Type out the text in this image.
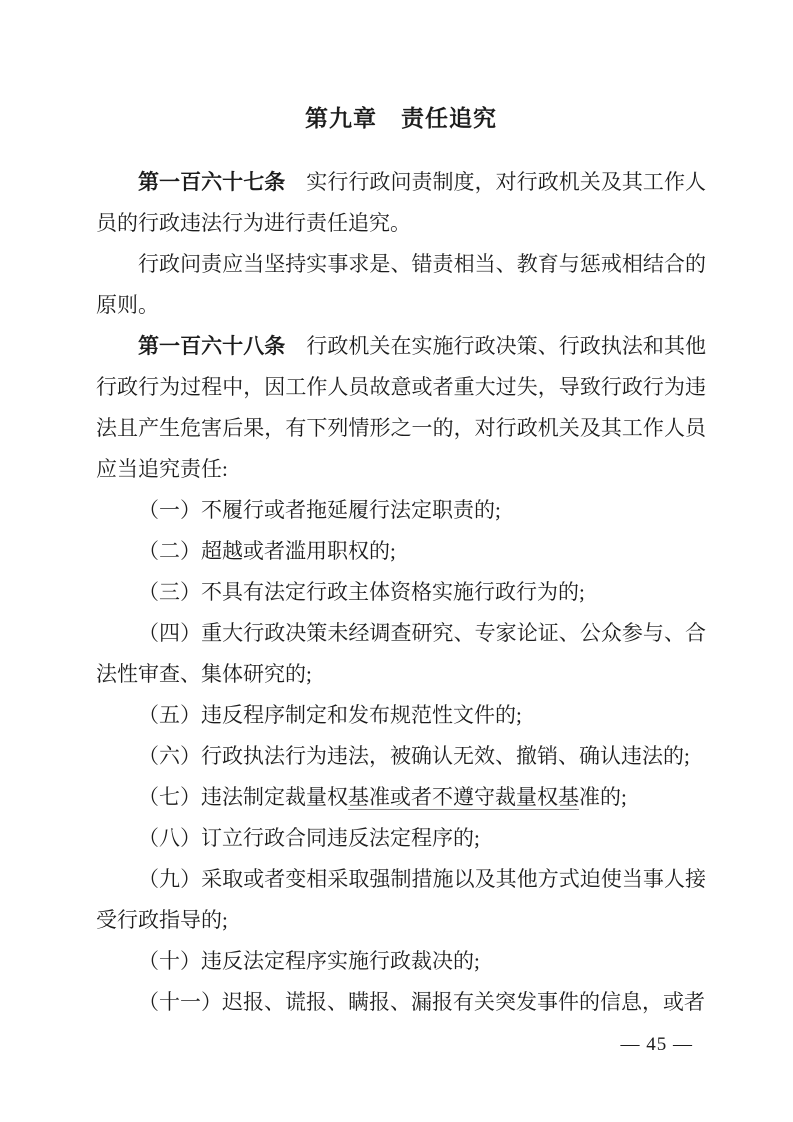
第九章　责任追究

第一百六十七条 实行行政问责制度，对行政机关及其工作人员的行政违法行为进行责任追究。

行政问责应当坚持实事求是、错责相当、教育与惩戒相结合的原则。

第一百六十八条 行政机关在实施行政决策、行政执法和其他行政行为过程中，因工作人员故意或者重大过失，导致行政行为违法且产生危害后果，有下列情形之一的，对行政机关及其工作人员应当追究责任:

（一）不履行或者拖延履行法定职责的;

（二）超越或者滥用职权的;

（三）不具有法定行政主体资格实施行政行为的;

（四）重大行政决策未经调查研究、专家论证、公众参与、合法性审查、集体研究的;

（五）违反程序制定和发布规范性文件的;

（六）行政执法行为违法，被确认无效、撤销、确认违法的;

（七）违法制定裁量权基准或者不遵守裁量权基准的;

（八）订立行政合同违反法定程序的;

（九）采取或者变相采取强制措施以及其他方式迫使当事人接受行政指导的;

（十）违反法定程序实施行政裁决的;

（十一）迟报、谎报、瞒报、漏报有关突发事件的信息，或者

— 45 —
